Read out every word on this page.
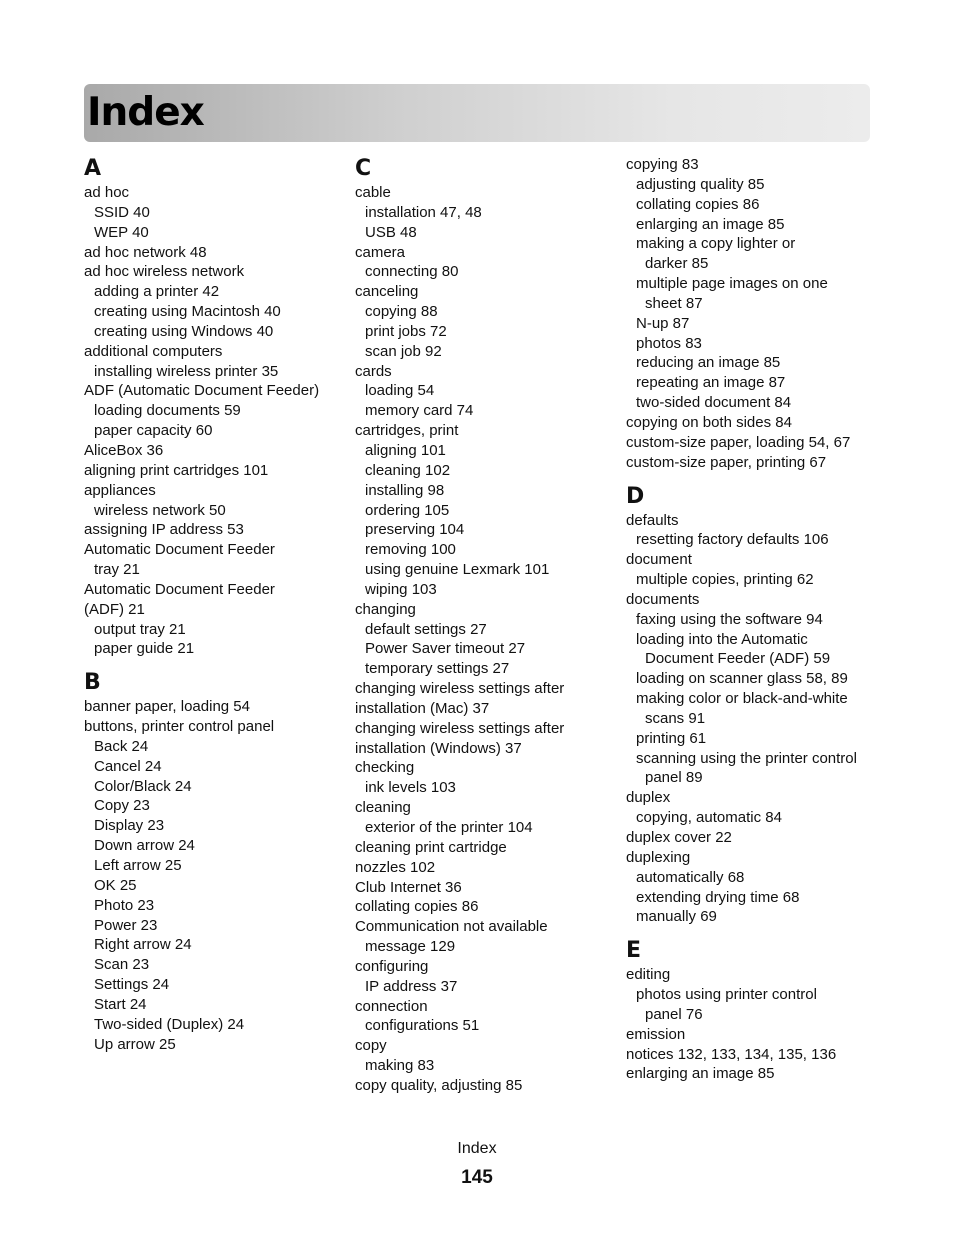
Index
A
ad hoc
SSID 40
WEP 40
ad hoc network 48
ad hoc wireless network
adding a printer 42
creating using Macintosh 40
creating using Windows 40
additional computers
installing wireless printer 35
ADF (Automatic Document Feeder)
loading documents 59
paper capacity 60
AliceBox 36
aligning print cartridges 101
appliances
wireless network 50
assigning IP address 53
Automatic Document Feeder
tray 21
Automatic Document Feeder
(ADF) 21
output tray 21
paper guide 21
B
banner paper, loading 54
buttons, printer control panel
Back 24
Cancel 24
Color/Black 24
Copy 23
Display 23
Down arrow 24
Left arrow 25
OK 25
Photo 23
Power 23
Right arrow 24
Scan 23
Settings 24
Start 24
Two-sided (Duplex) 24
Up arrow 25
C
cable
installation 47, 48
USB 48
camera
connecting 80
canceling
copying 88
print jobs 72
scan job 92
cards
loading 54
memory card 74
cartridges, print
aligning 101
cleaning 102
installing 98
ordering 105
preserving 104
removing 100
using genuine Lexmark 101
wiping 103
changing
default settings 27
Power Saver timeout 27
temporary settings 27
changing wireless settings after
installation (Mac) 37
changing wireless settings after
installation (Windows) 37
checking
ink levels 103
cleaning
exterior of the printer 104
cleaning print cartridge
nozzles 102
Club Internet 36
collating copies 86
Communication not available
message 129
configuring
IP address 37
connection
configurations 51
copy
making 83
copy quality, adjusting 85
copying 83
adjusting quality 85
collating copies 86
enlarging an image 85
making a copy lighter or
darker 85
multiple page images on one
sheet 87
N-up 87
photos 83
reducing an image 85
repeating an image 87
two-sided document 84
copying on both sides 84
custom-size paper, loading 54, 67
custom-size paper, printing 67
D
defaults
resetting factory defaults 106
document
multiple copies, printing 62
documents
faxing using the software 94
loading into the Automatic
Document Feeder (ADF) 59
loading on scanner glass 58, 89
making color or black-and-white
scans 91
printing 61
scanning using the printer control
panel 89
duplex
copying, automatic 84
duplex cover 22
duplexing
automatically 68
extending drying time 68
manually 69
E
editing
photos using printer control
panel 76
emission
notices 132, 133, 134, 135, 136
enlarging an image 85
Index
145
